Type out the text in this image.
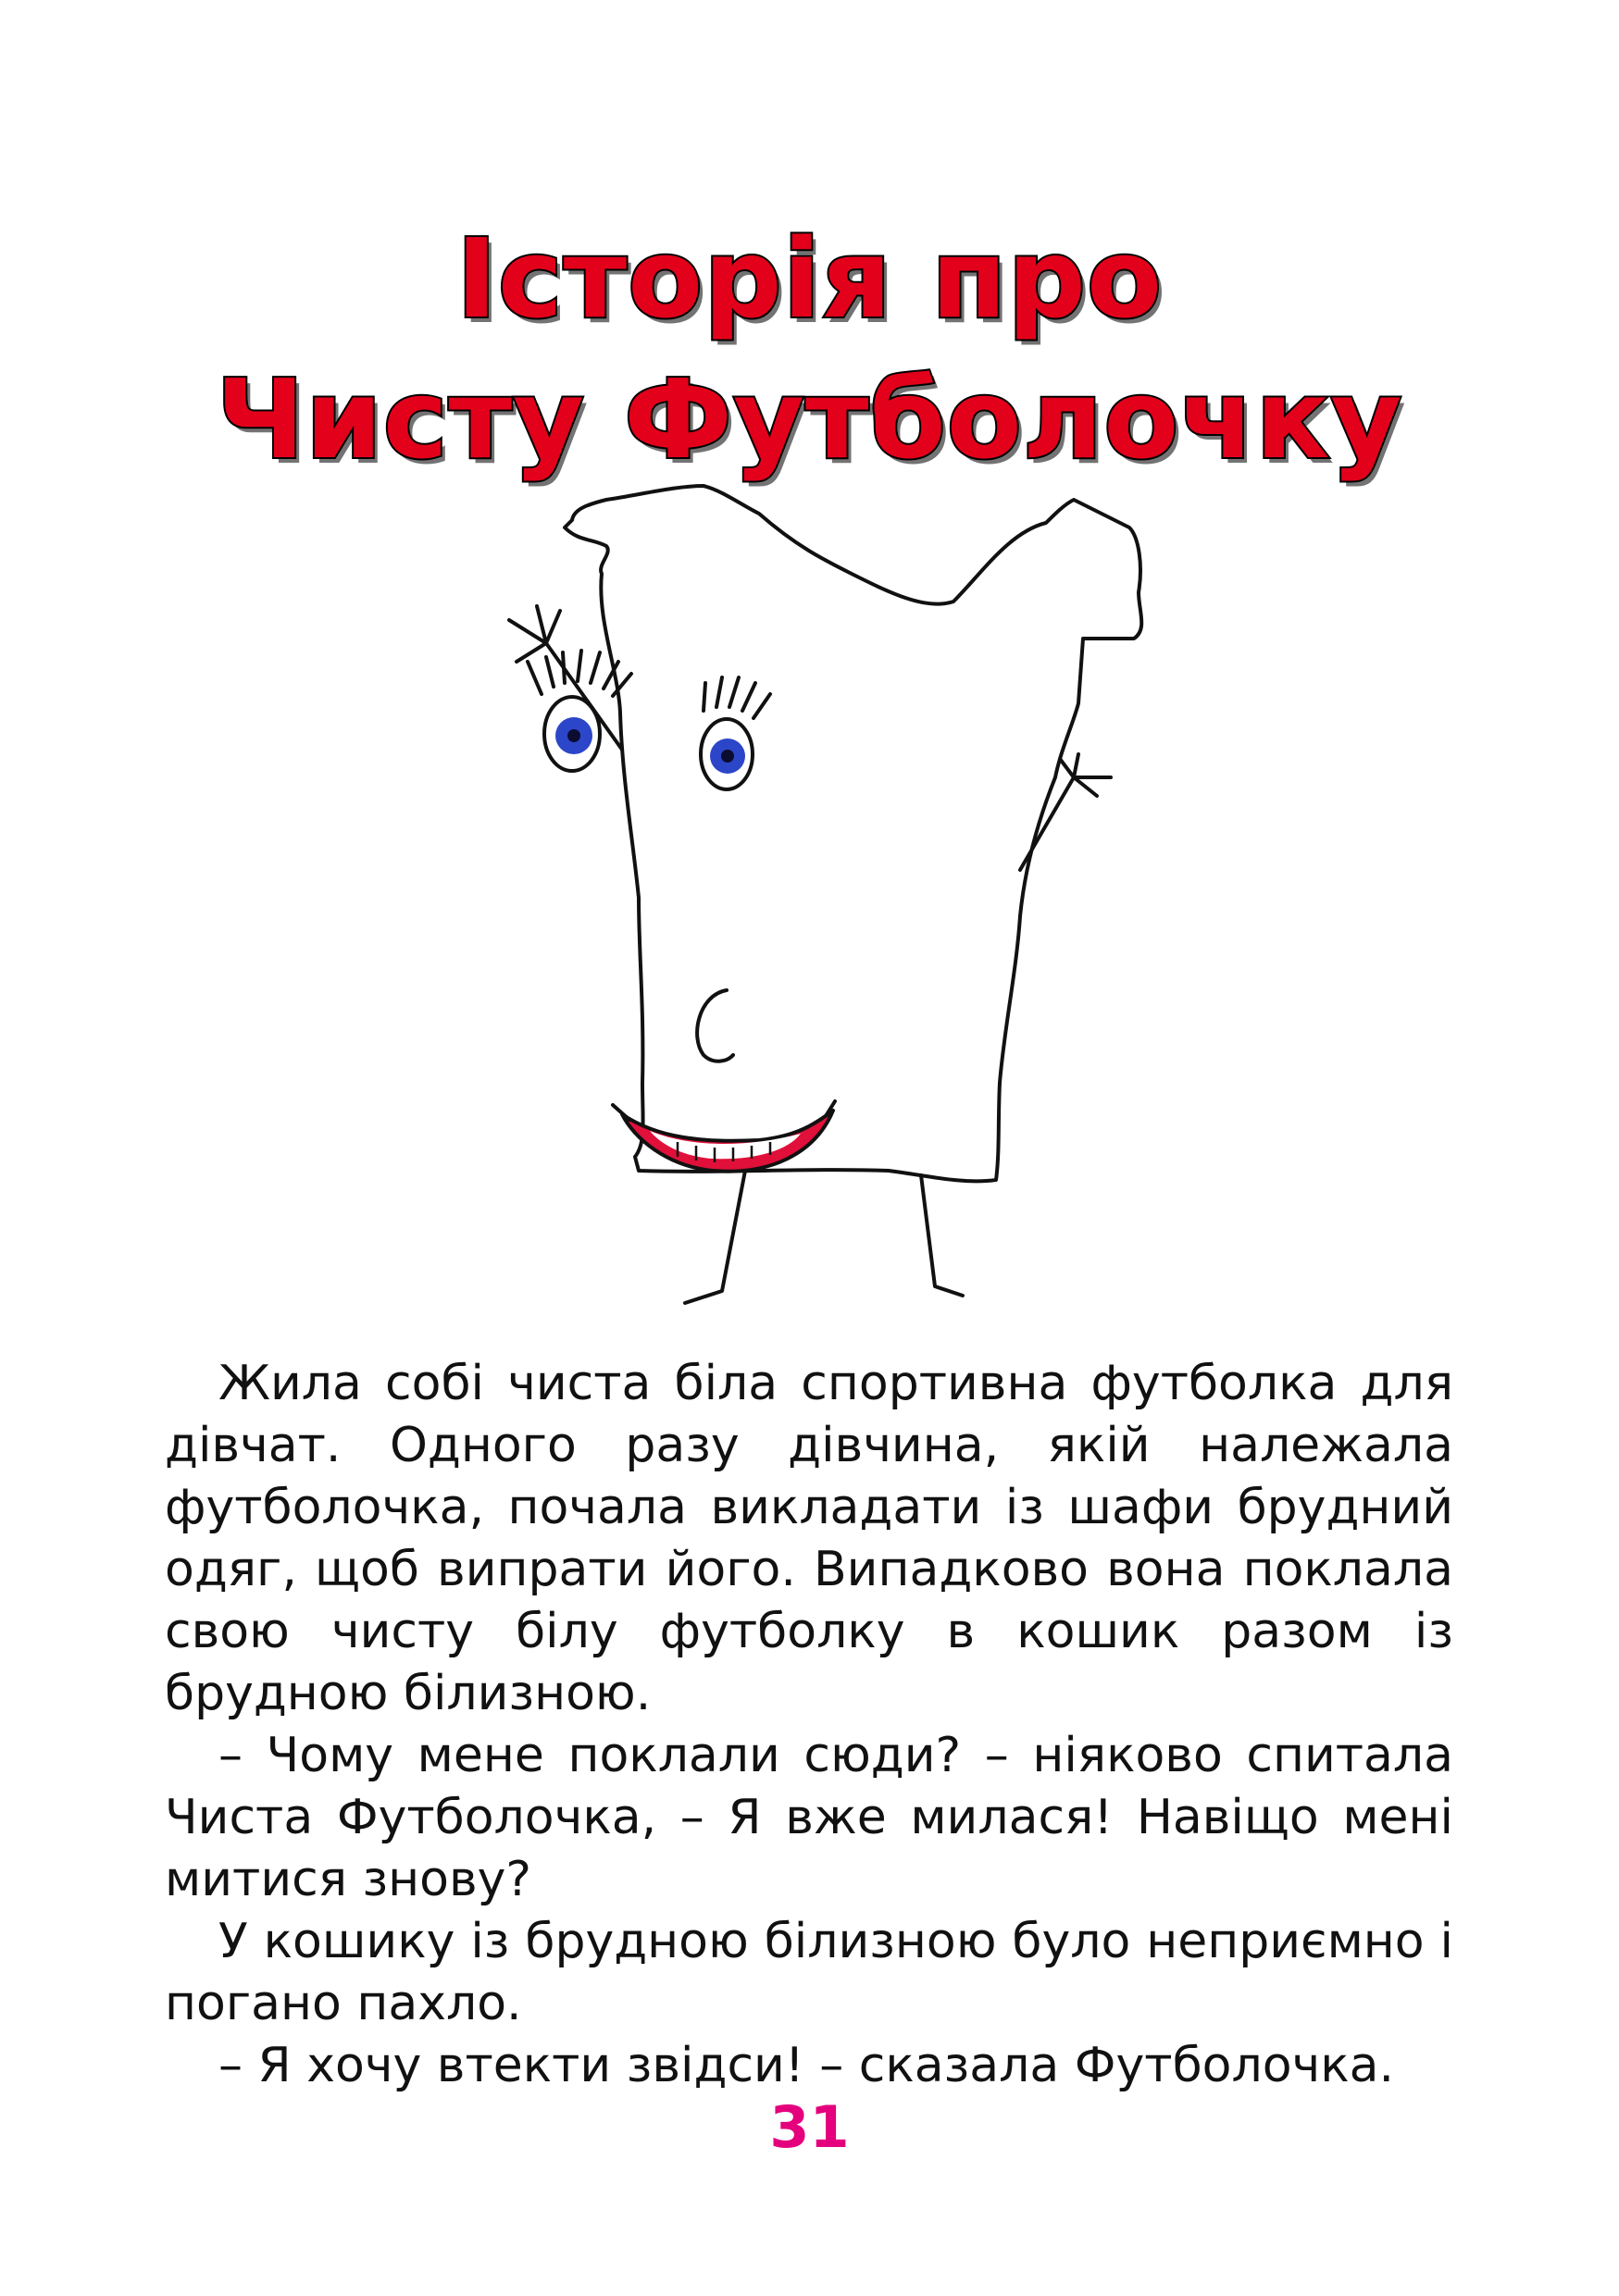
Історія про
Чисту Футболочку

Жила собі чиста біла спортивна футболка для дівчат. Одного разу дівчина, якій належала футболочка, почала викладати із шафи брудний одяг, щоб випрати його. Випадково вона поклала свою чисту білу футболку в кошик разом із брудною білизною.

– Чому мене поклали сюди? – ніяково спитала Чиста Футболочка, – Я вже милася! Навіщо мені митися знову?

У кошику із брудною білизною було неприємно і погано пахло.

– Я хочу втекти звідси! – сказала Футболочка.

31
